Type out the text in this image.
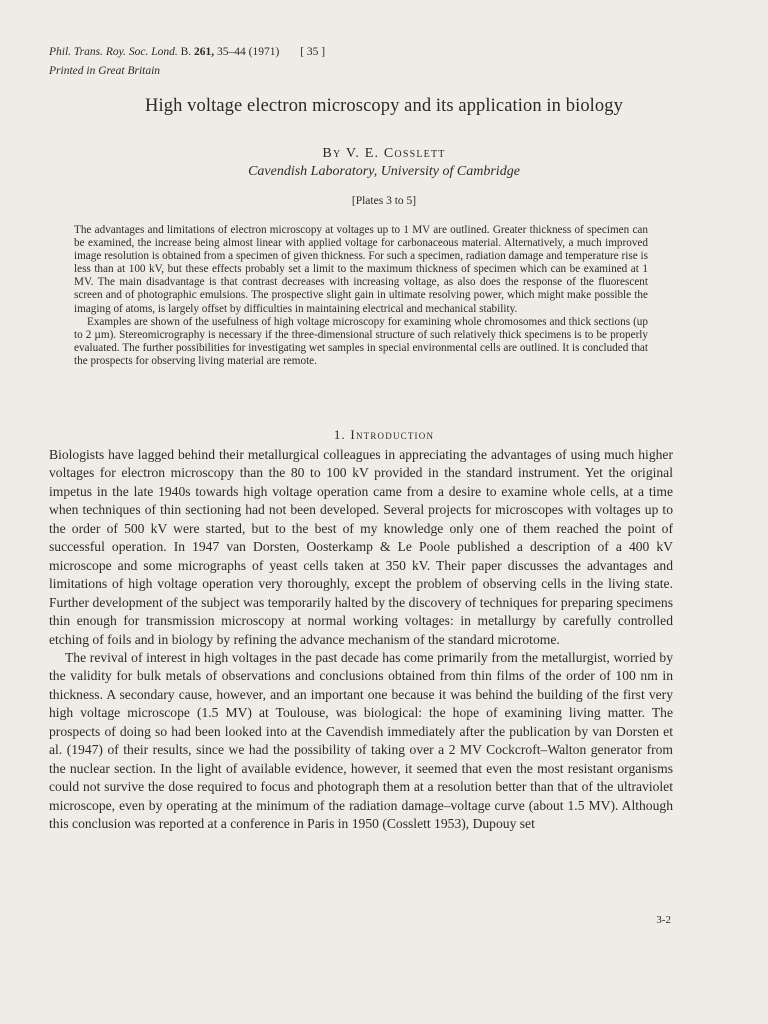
Phil. Trans. Roy. Soc. Lond. B. 261, 35–44 (1971) [ 35 ]
Printed in Great Britain
High voltage electron microscopy and its application in biology
By V. E. Cosslett
Cavendish Laboratory, University of Cambridge
[Plates 3 to 5]

The advantages and limitations of electron microscopy at voltages up to 1 MV are outlined. Greater thickness of specimen can be examined, the increase being almost linear with applied voltage for carbonaceous material. Alternatively, a much improved image resolution is obtained from a specimen of given thickness. For such a specimen, radiation damage and temperature rise is less than at 100 kV, but these effects probably set a limit to the maximum thickness of specimen which can be examined at 1 MV. The main disadvantage is that contrast decreases with increasing voltage, as also does the response of the fluorescent screen and of photographic emulsions. The prospective slight gain in ultimate resolving power, which might make possible the imaging of atoms, is largely offset by difficulties in maintaining electrical and mechanical stability.

Examples are shown of the usefulness of high voltage microscopy for examining whole chromosomes and thick sections (up to 2 µm). Stereomicrography is necessary if the three-dimensional structure of such relatively thick specimens is to be properly evaluated. The further possibilities for investigating wet samples in special environmental cells are outlined. It is concluded that the prospects for observing living material are remote.

1. Introduction

Biologists have lagged behind their metallurgical colleagues in appreciating the advantages of using much higher voltages for electron microscopy than the 80 to 100 kV provided in the standard instrument. Yet the original impetus in the late 1940s towards high voltage operation came from a desire to examine whole cells, at a time when techniques of thin sectioning had not been developed. Several projects for microscopes with voltages up to the order of 500 kV were started, but to the best of my knowledge only one of them reached the point of successful operation. In 1947 van Dorsten, Oosterkamp & Le Poole published a description of a 400 kV microscope and some micrographs of yeast cells taken at 350 kV. Their paper discusses the advantages and limitations of high voltage operation very thoroughly, except the problem of observing cells in the living state. Further development of the subject was temporarily halted by the discovery of techniques for preparing specimens thin enough for transmission microscopy at normal working voltages: in metallurgy by carefully controlled etching of foils and in biology by refining the advance mechanism of the standard microtome.

The revival of interest in high voltages in the past decade has come primarily from the metallurgist, worried by the validity for bulk metals of observations and conclusions obtained from thin films of the order of 100 nm in thickness. A secondary cause, however, and an important one because it was behind the building of the first very high voltage microscope (1.5 MV) at Toulouse, was biological: the hope of examining living matter. The prospects of doing so had been looked into at the Cavendish immediately after the publication by van Dorsten et al. (1947) of their results, since we had the possibility of taking over a 2 MV Cockcroft–Walton generator from the nuclear section. In the light of available evidence, however, it seemed that even the most resistant organisms could not survive the dose required to focus and photograph them at a resolution better than that of the ultraviolet microscope, even by operating at the minimum of the radiation damage–voltage curve (about 1.5 MV). Although this conclusion was reported at a conference in Paris in 1950 (Cosslett 1953), Dupouy set

3-2
